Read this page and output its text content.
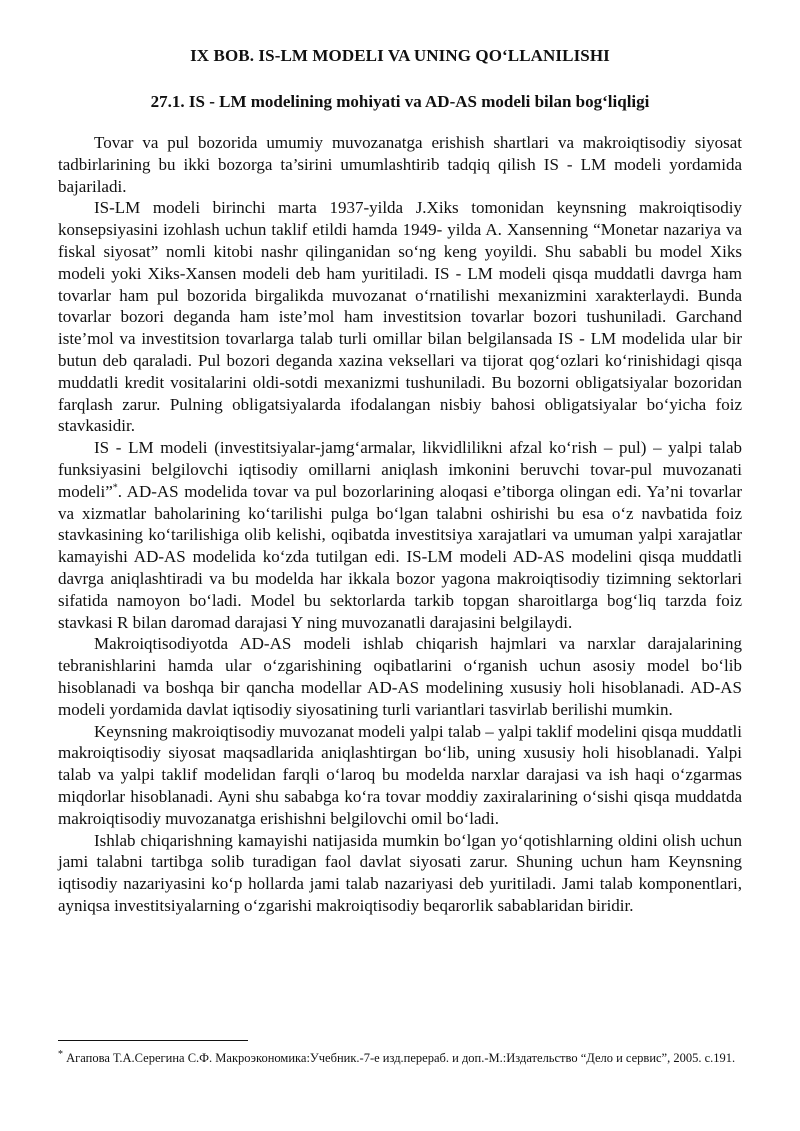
IX BOB. IS-LM MODELI VA UNING QO‘LLANILISHI
27.1. IS - LM modelining mohiyati va AD-AS modeli bilan bog‘liqligi

Tovar va pul bozorida umumiy muvozanatga erishish shartlari va makroiqtisodiy siyosat tadbirlarining bu ikki bozorga ta’sirini umumlashtirib tadqiq qilish IS - LM modeli yordamida bajariladi.

IS-LM modeli birinchi marta 1937-yilda J.Xiks tomonidan keynsning makroiqtisodiy konsepsiyasini izohlash uchun taklif etildi hamda 1949- yilda A. Xansenning “Monetar nazariya va fiskal siyosat” nomli kitobi nashr qilinganidan so‘ng keng yoyildi. Shu sababli bu model Xiks modeli yoki Xiks-Xansen modeli deb ham yuritiladi. IS - LM modeli qisqa muddatli davrga ham tovarlar ham pul bozorida birgalikda muvozanat o‘rnatilishi mexanizmini xarakterlaydi. Bunda tovarlar bozori deganda ham iste’mol ham investitsion tovarlar bozori tushuniladi. Garchand iste’mol va investitsion tovarlarga talab turli omillar bilan belgilansada IS - LM modelida ular bir butun deb qaraladi. Pul bozori deganda xazina veksellari va tijorat qog‘ozlari ko‘rinishidagi qisqa muddatli kredit vositalarini oldi-sotdi mexanizmi tushuniladi. Bu bozorni obligatsiyalar bozoridan farqlash zarur. Pulning obligatsiyalarda ifodalangan nisbiy bahosi obligatsiyalar bo‘yicha foiz stavkasidir.

IS - LM modeli (investitsiyalar-jamg‘armalar, likvidlilikni afzal ko‘rish – pul) – yalpi talab funksiyasini belgilovchi iqtisodiy omillarni aniqlash imkonini beruvchi tovar-pul muvozanati modeli”*. AD-AS modelida tovar va pul bozorlarining aloqasi e’tiborga olingan edi. Ya’ni tovarlar va xizmatlar baholarining ko‘tarilishi pulga bo‘lgan talabni oshirishi bu esa o‘z navbatida foiz stavkasining ko‘tarilishiga olib kelishi, oqibatda investitsiya xarajatlari va umuman yalpi xarajatlar kamayishi AD-AS modelida ko‘zda tutilgan edi. IS-LM modeli AD-AS modelini qisqa muddatli davrga aniqlashtiradi va bu modelda har ikkala bozor yagona makroiqtisodiy tizimning sektorlari sifatida namoyon bo‘ladi. Model bu sektorlarda tarkib topgan sharoitlarga bog‘liq tarzda foiz stavkasi R bilan daromad darajasi Y ning muvozanatli darajasini belgilaydi.

Makroiqtisodiyotda AD-AS modeli ishlab chiqarish hajmlari va narxlar darajalarining tebranishlarini hamda ular o‘zgarishining oqibatlarini o‘rganish uchun asosiy model bo‘lib hisoblanadi va boshqa bir qancha modellar AD-AS modelining xususiy holi hisoblanadi. AD-AS modeli yordamida davlat iqtisodiy siyosatining turli variantlari tasvirlab berilishi mumkin.

Keynsning makroiqtisodiy muvozanat modeli yalpi talab – yalpi taklif modelini qisqa muddatli makroiqtisodiy siyosat maqsadlarida aniqlashtirgan bo‘lib, uning xususiy holi hisoblanadi. Yalpi talab va yalpi taklif modelidan farqli o‘laroq bu modelda narxlar darajasi va ish haqi o‘zgarmas miqdorlar hisoblanadi. Ayni shu sababga ko‘ra tovar moddiy zaxiralarining o‘sishi qisqa muddatda makroiqtisodiy muvozanatga erishishni belgilovchi omil bo‘ladi.

Ishlab chiqarishning kamayishi natijasida mumkin bo‘lgan yo‘qotishlarning oldini olish uchun jami talabni tartibga solib turadigan faol davlat siyosati zarur. Shuning uchun ham Keynsning iqtisodiy nazariyasini ko‘p hollarda jami talab nazariyasi deb yuritiladi. Jami talab komponentlari, ayniqsa investitsiyalarning o‘zgarishi makroiqtisodiy beqarorlik sabablaridan biridir.

* Агапова Т.А.Серегина С.Ф. Макроэкономика:Учебник.-7-е изд.перераб. и доп.-М.:Издательство “Дело и сервис”, 2005. с.191.
